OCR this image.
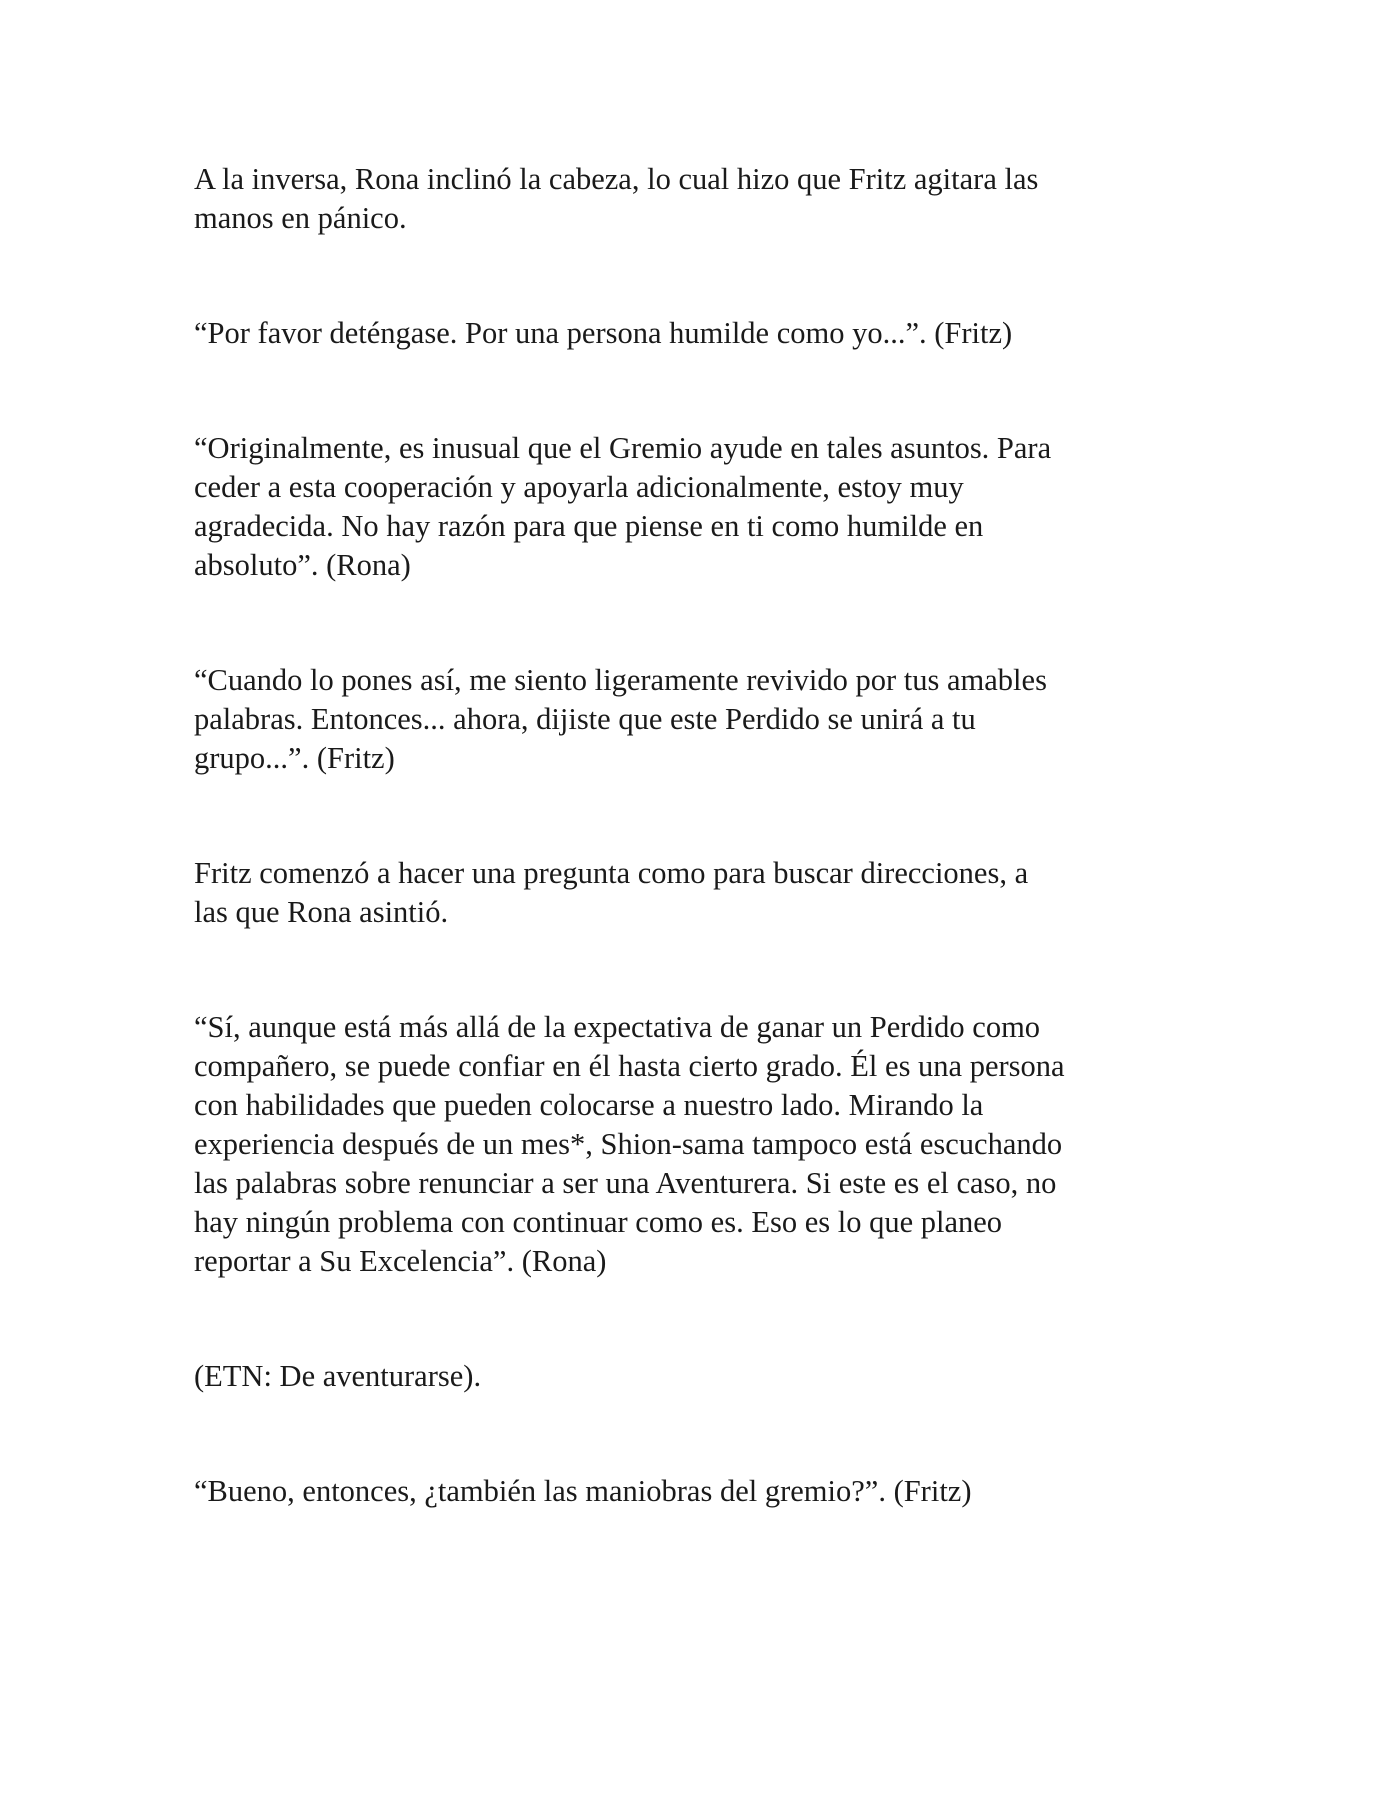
A la inversa, Rona inclinó la cabeza, lo cual hizo que Fritz agitara las
manos en pánico.

“Por favor deténgase. Por una persona humilde como yo...”. (Fritz)

“Originalmente, es inusual que el Gremio ayude en tales asuntos. Para
ceder a esta cooperación y apoyarla adicionalmente, estoy muy
agradecida. No hay razón para que piense en ti como humilde en
absoluto”. (Rona)

“Cuando lo pones así, me siento ligeramente revivido por tus amables
palabras. Entonces... ahora, dijiste que este Perdido se unirá a tu
grupo...”. (Fritz)

Fritz comenzó a hacer una pregunta como para buscar direcciones, a
las que Rona asintió.

“Sí, aunque está más allá de la expectativa de ganar un Perdido como
compañero, se puede confiar en él hasta cierto grado. Él es una persona
con habilidades que pueden colocarse a nuestro lado. Mirando la
experiencia después de un mes*, Shion-sama tampoco está escuchando
las palabras sobre renunciar a ser una Aventurera. Si este es el caso, no
hay ningún problema con continuar como es. Eso es lo que planeo
reportar a Su Excelencia”. (Rona)

(ETN: De aventurarse).

“Bueno, entonces, ¿también las maniobras del gremio?”. (Fritz)
